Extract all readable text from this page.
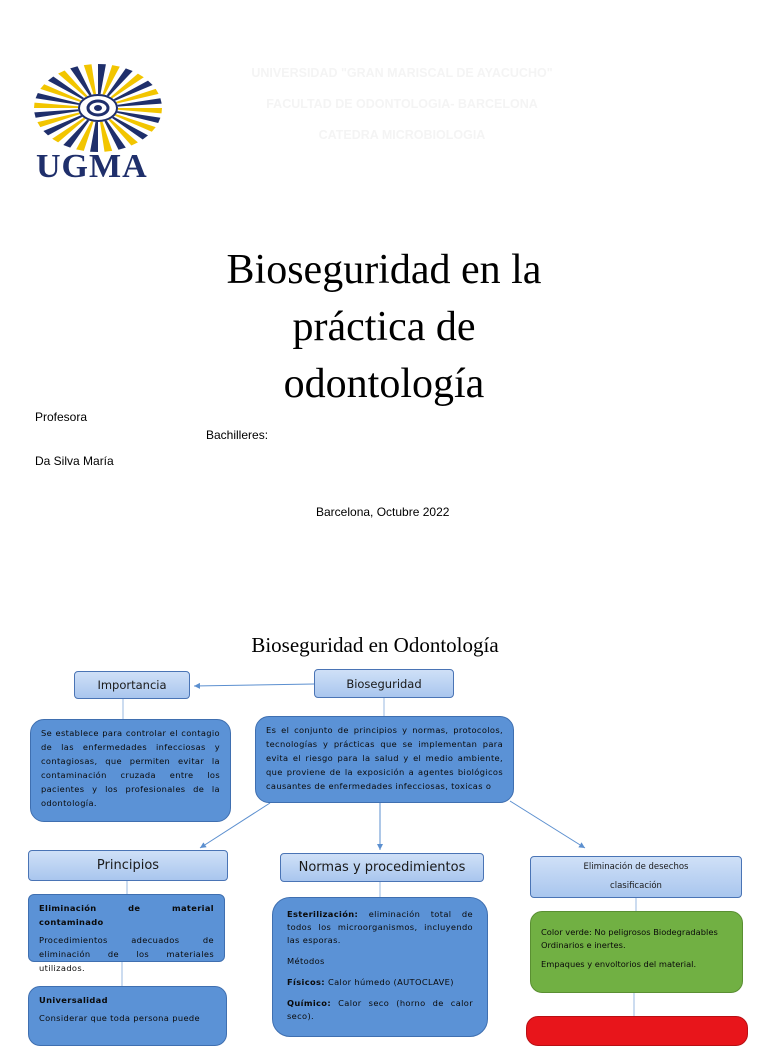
UGMA
UNIVERSIDAD "GRAN MARISCAL DE AYACUCHO"
FACULTAD DE ODONTOLOGIA- BARCELONA
CATEDRA MICROBIOLOGIA
Bioseguridad en la
práctica de
odontología
Profesora
Bachilleres:
Da Silva María
Barcelona, Octubre 2022
Bioseguridad en Odontología
Importancia	Bioseguridad
Se establece para controlar el contagio de las enfermedades infecciosas y contagiosas, que permiten evitar la contaminación cruzada entre los pacientes y los profesionales de la odontología.
Es el conjunto de principios y normas, protocolos, tecnologías y prácticas que se implementan para evita el riesgo para la salud y el medio ambiente, que proviene de la exposición a agentes biológicos causantes de enfermedades infecciosas, toxicas o
Principios	Normas y procedimientos	Eliminación de desechos
clasificación

Eliminación de material contaminado

Procedimientos adecuados de eliminación de los materiales utilizados.

Universalidad

Considerar que toda persona puede

Esterilización: eliminación total de todos los microorganismos, incluyendo las esporas.

Métodos

Físicos: Calor húmedo (AUTOCLAVE)

Químico: Calor seco (horno de calor seco).

Color verde: No peligrosos Biodegradables Ordinarios e inertes.

Empaques y envoltorios del material.
